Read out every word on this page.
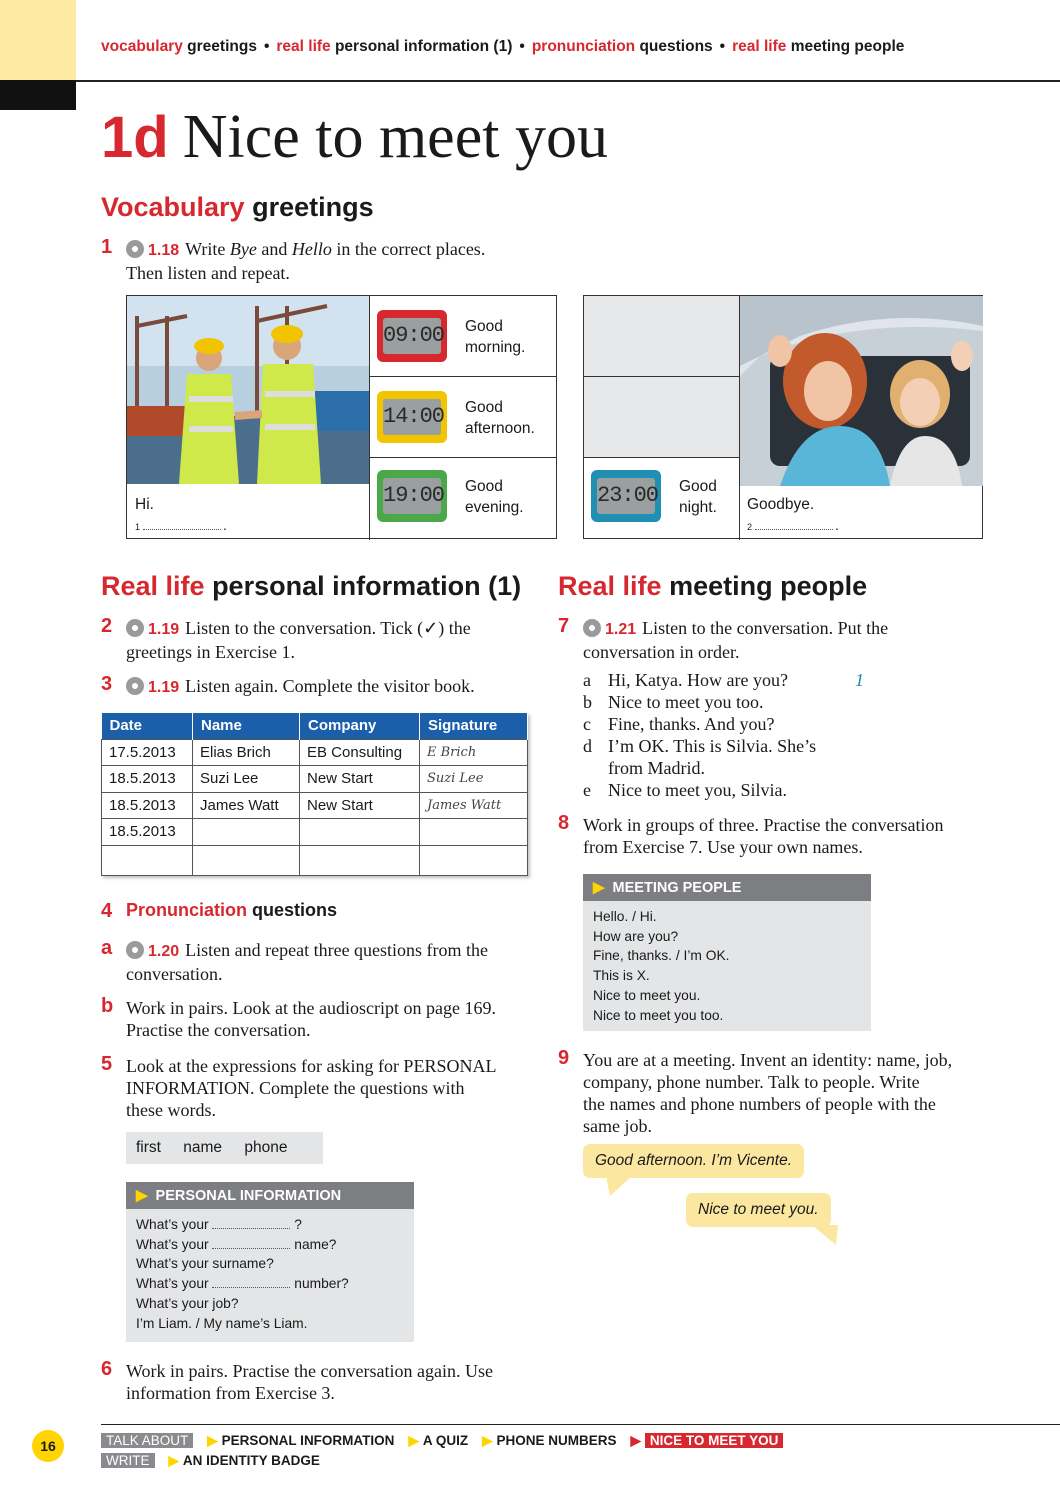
vocabulary greetings • real life personal information (1) • pronunciation questions • real life meeting people
1d Nice to meet you
Vocabulary greetings
1	1.18 Write Bye and Hello in the correct places.
Then listen and repeat.
Hi.
1	.
09:00 Good
morning.
14:00 Good
afternoon.
19:00 Good
evening.	23:00 Good
night. Goodbye.
2	.
Real life personal information (1)
2	1.19 Listen to the conversation. Tick (✓) the
greetings in Exercise 1.
3	1.19 Listen again. Complete the visitor book.
Date	Name	Company	Signature
17.5.2013	Elias Brich	EB Consulting	E Brich
18.5.2013	Suzi Lee	New Start	Suzi Lee
18.5.2013	James Watt	New Start	James Watt
18.5.2013			

4 Pronunciation questions
a	1.20 Listen and repeat three questions from the
conversation.
b Work in pairs. Look at the audioscript on page 169.
Practise the conversation.
5 Look at the expressions for asking for PERSONAL
INFORMATION. Complete the questions with
these words.
first name phone
▶ PERSONAL INFORMATION
What’s your	?
What’s your	name?
What’s your surname?
What’s your	number?
What’s your job?
I’m Liam. / My name’s Liam.
6 Work in pairs. Practise the conversation again. Use
information from Exercise 3.
Real life meeting people
7	1.21 Listen to the conversation. Put the
conversation in order.
a Hi, Katya. How are you?	1
b Nice to meet you too.
c Fine, thanks. And you?
d I’m OK. This is Silvia. She’s
from Madrid.
e Nice to meet you, Silvia.
8 Work in groups of three. Practise the conversation
from Exercise 7. Use your own names.
▶ MEETING PEOPLE
Hello. / Hi.
How are you?
Fine, thanks. / I’m OK.
This is X.
Nice to meet you.
Nice to meet you too.
9 You are at a meeting. Invent an identity: name, job,
company, phone number. Talk to people. Write
the names and phone numbers of people with the
same job.
Good afternoon. I’m Vicente.
Nice to meet you.
16	TALK ABOUT ▶ PERSONAL INFORMATION ▶ A QUIZ ▶ PHONE NUMBERS ▶ NICE TO MEET YOU
WRITE ▶ AN IDENTITY BADGE
